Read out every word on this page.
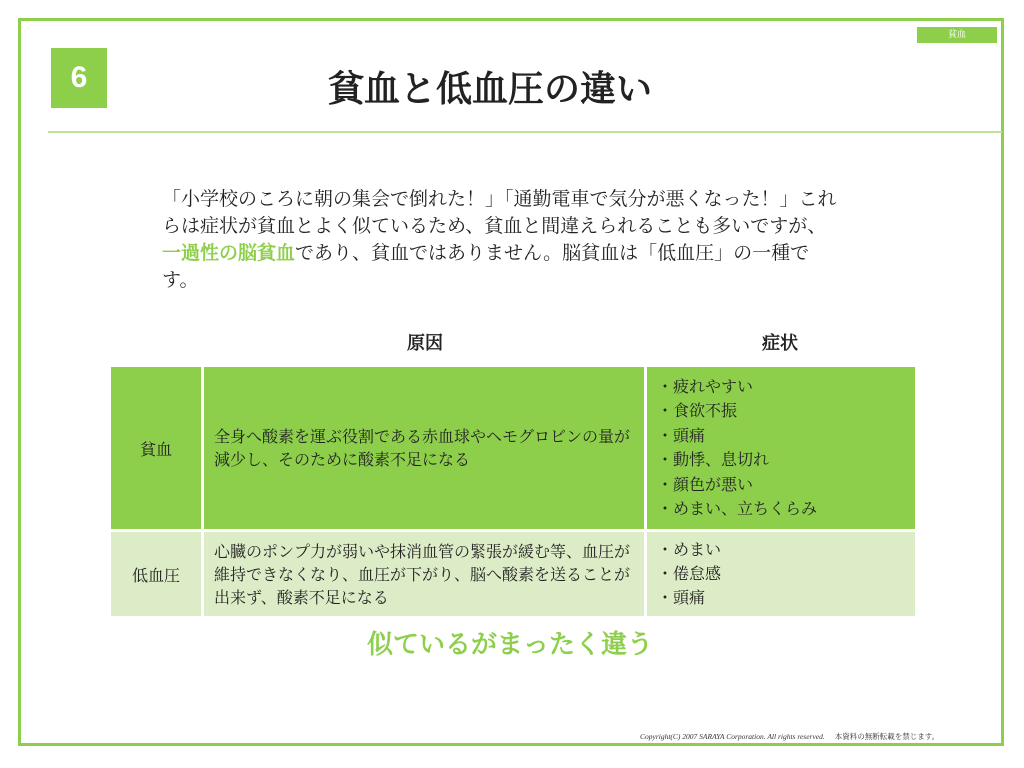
貧血
6	貧血と低血圧の違い
「小学校のころに朝の集会で倒れた！」「通勤電車で気分が悪くなった！」これらは症状が貧血とよく似ているため、貧血と間違えられることも多いですが、一過性の脳貧血であり、貧血ではありません。脳貧血は「低血圧」の一種です。
原因	症状
貧血
全身へ酸素を運ぶ役割である赤血球やヘモグロビンの量が減少し、そのために酸素不足になる
・疲れやすい
・食欲不振
・頭痛
・動悸、息切れ
・顔色が悪い
・めまい、立ちくらみ
低血圧
心臓のポンプ力が弱いや抹消血管の緊張が緩む等、血圧が維持できなくなり、血圧が下がり、脳へ酸素を送ることが出来ず、酸素不足になる
・めまい
・倦怠感
・頭痛
似ているがまったく違う
Copyright(C) 2007 SARAYA Corporation. All rights reserved. 本資料の無断転載を禁じます。
